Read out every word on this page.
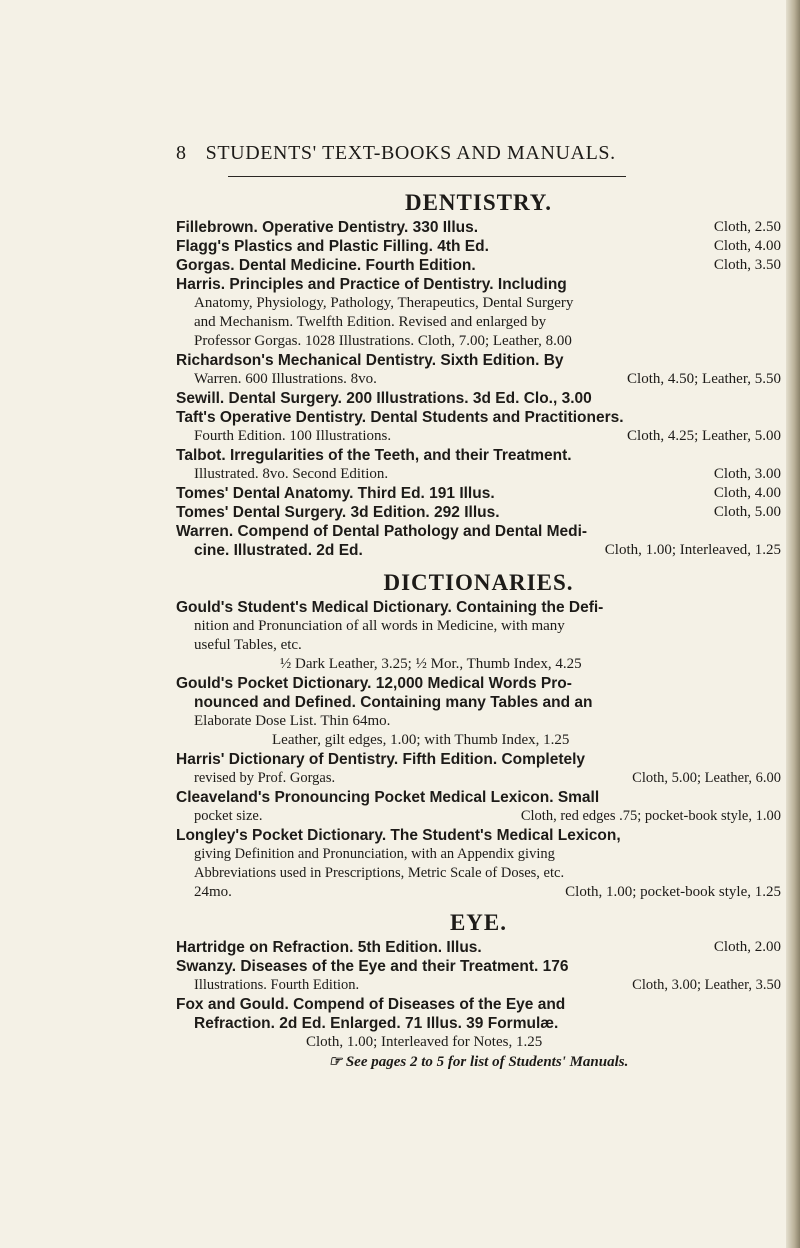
8 STUDENTS' TEXT-BOOKS AND MANUALS.
DENTISTRY.
Fillebrown. Operative Dentistry. 330 Illus.	Cloth, 2.50
Flagg's Plastics and Plastic Filling. 4th Ed.	Cloth, 4.00
Gorgas. Dental Medicine. Fourth Edition.	Cloth, 3.50
Harris. Principles and Practice of Dentistry. Including
Anatomy, Physiology, Pathology, Therapeutics, Dental Surgery
and Mechanism. Twelfth Edition. Revised and enlarged by
Professor Gorgas. 1028 Illustrations. Cloth, 7.00; Leather, 8.00
Richardson's Mechanical Dentistry. Sixth Edition. By
Warren. 600 Illustrations. 8vo.	Cloth, 4.50; Leather, 5.50
Sewill. Dental Surgery. 200 Illustrations. 3d Ed. Clo., 3.00
Taft's Operative Dentistry. Dental Students and Practitioners.
Fourth Edition. 100 Illustrations.	Cloth, 4.25; Leather, 5.00
Talbot. Irregularities of the Teeth, and their Treatment.
Illustrated. 8vo. Second Edition.	Cloth, 3.00
Tomes' Dental Anatomy. Third Ed. 191 Illus.	Cloth, 4.00
Tomes' Dental Surgery. 3d Edition. 292 Illus.	Cloth, 5.00
Warren. Compend of Dental Pathology and Dental Medi-
cine. Illustrated. 2d Ed.	Cloth, 1.00; Interleaved, 1.25
DICTIONARIES.
Gould's Student's Medical Dictionary. Containing the Defi-
nition and Pronunciation of all words in Medicine, with many
useful Tables, etc.
½ Dark Leather, 3.25; ½ Mor., Thumb Index, 4.25
Gould's Pocket Dictionary. 12,000 Medical Words Pro-
nounced and Defined. Containing many Tables and an
Elaborate Dose List. Thin 64mo.
Leather, gilt edges, 1.00; with Thumb Index, 1.25
Harris' Dictionary of Dentistry. Fifth Edition. Completely
revised by Prof. Gorgas.	Cloth, 5.00; Leather, 6.00
Cleaveland's Pronouncing Pocket Medical Lexicon. Small
pocket size.	Cloth, red edges .75; pocket-book style, 1.00
Longley's Pocket Dictionary. The Student's Medical Lexicon,
giving Definition and Pronunciation, with an Appendix giving
Abbreviations used in Prescriptions, Metric Scale of Doses, etc.
24mo.	Cloth, 1.00; pocket-book style, 1.25
EYE.
Hartridge on Refraction. 5th Edition. Illus.	Cloth, 2.00
Swanzy. Diseases of the Eye and their Treatment. 176
Illustrations. Fourth Edition.	Cloth, 3.00; Leather, 3.50
Fox and Gould. Compend of Diseases of the Eye and
Refraction. 2d Ed. Enlarged. 71 Illus. 39 Formulæ.
Cloth, 1.00; Interleaved for Notes, 1.25
☞ See pages 2 to 5 for list of Students' Manuals.
